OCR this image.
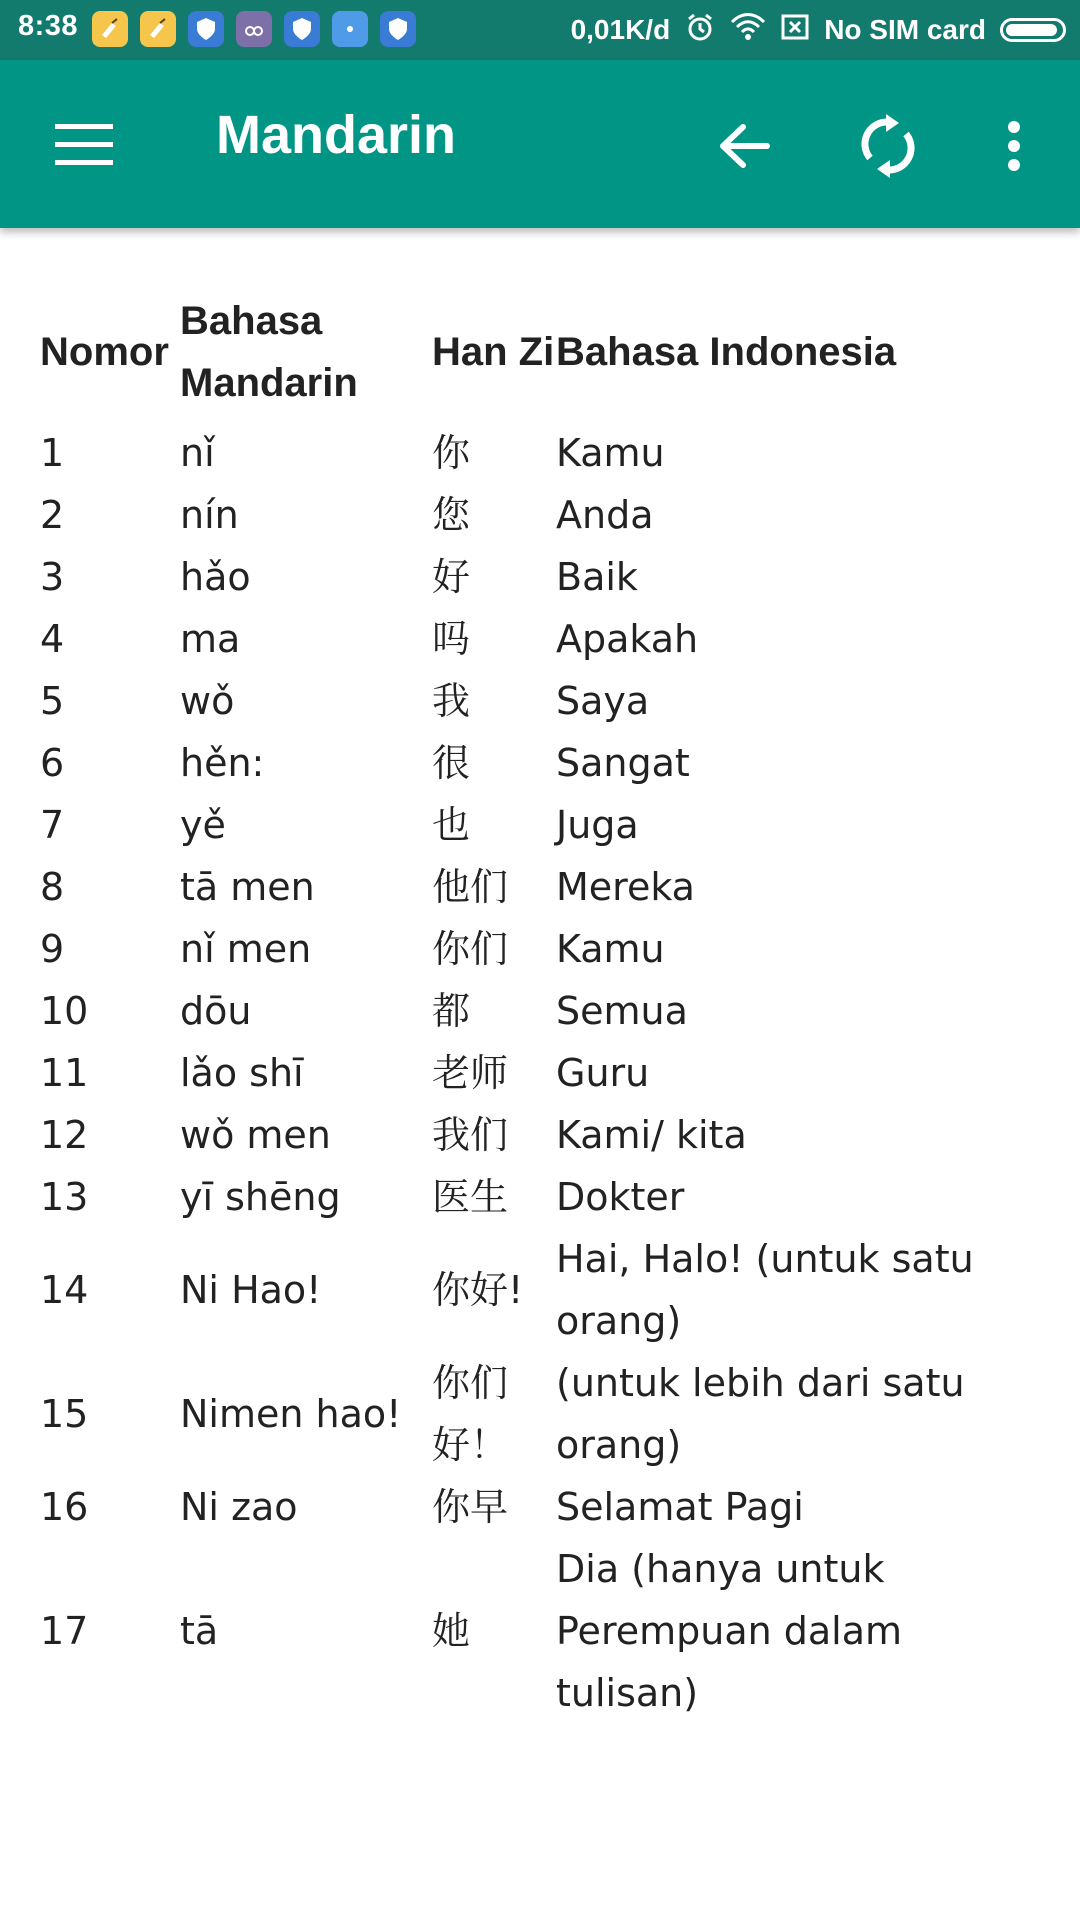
8:38	0,01K/d	No SIM card
Mandarin
Nomor	Bahasa Mandarin	Han Zi	Bahasa Indonesia
1	nǐ	你	Kamu
2	nín	您	Anda
3	hǎo	好	Baik
4	ma	吗	Apakah
5	wǒ	我	Saya
6	hěn:	很	Sangat
7	yě	也	Juga
8	tā men	他们	Mereka
9	nǐ men	你们	Kamu
10	dōu	都	Semua
11	lǎo shī	老师	Guru
12	wǒ men	我们	Kami/ kita
13	yī shēng	医生	Dokter
14	Ni Hao!	你好!	Hai, Halo! (untuk satu orang)
15	Nimen hao!	你们好！	(untuk lebih dari satu orang)
16	Ni zao	你早	Selamat Pagi
17	tā	她	Dia (hanya untuk Perempuan dalam tulisan)
